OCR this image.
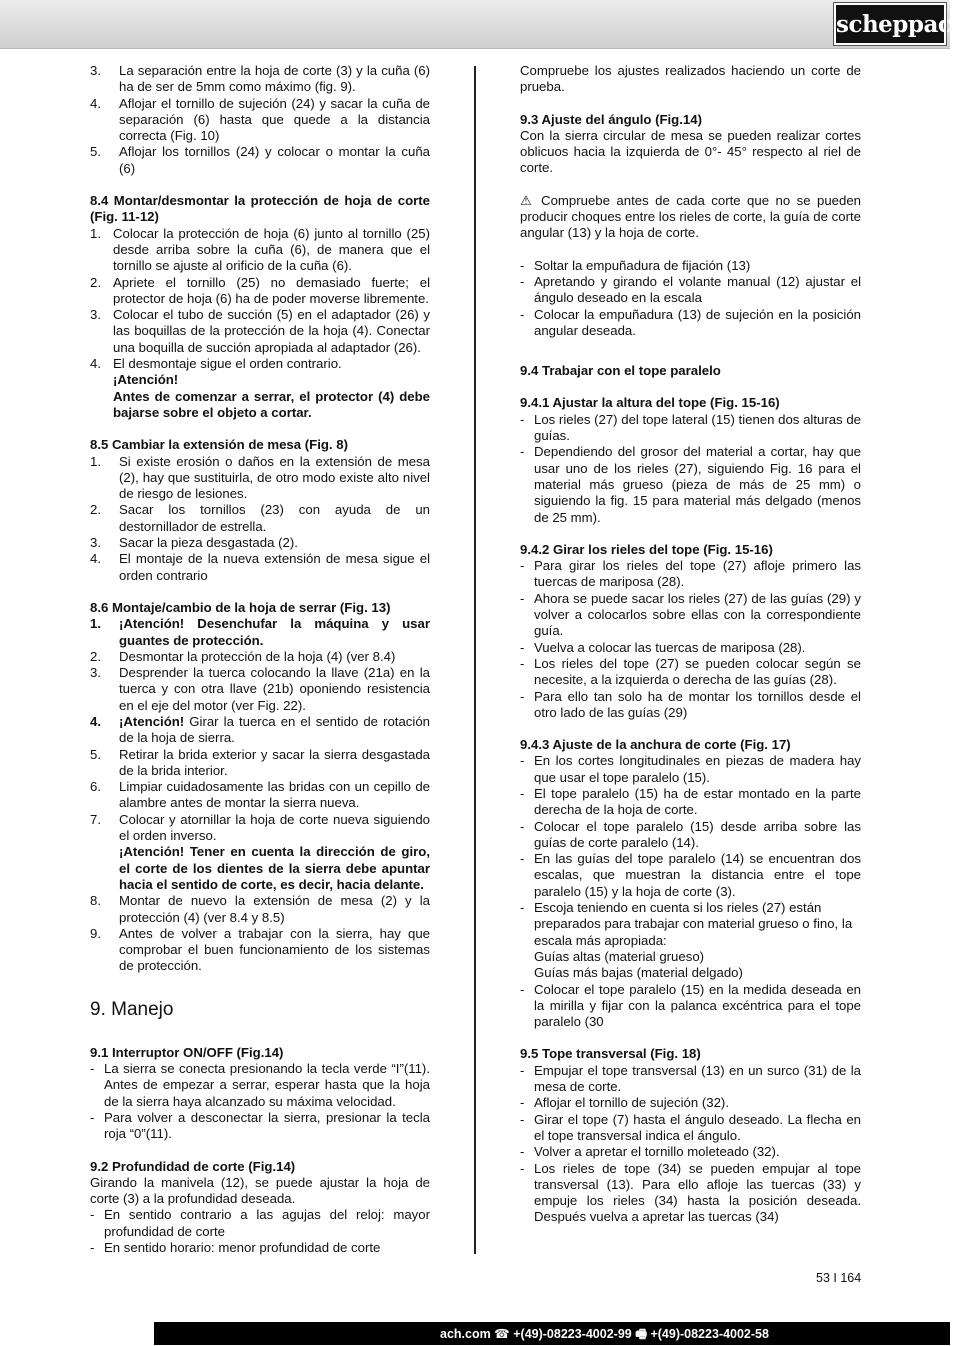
scheppach

3. La separación entre la hoja de corte (3) y la cuña (6) ha de ser de 5mm como máximo (fig. 9).

4. Aflojar el tornillo de sujeción (24) y sacar la cuña de separación (6) hasta que quede a la distancia correcta (Fig. 10)

5. Aflojar los tornillos (24) y colocar o montar la cuña (6)

8.4 Montar/desmontar la protección de hoja de corte (Fig. 11-12)

1. Colocar la protección de hoja (6) junto al tornillo (25) desde arriba sobre la cuña (6), de manera que el tornillo se ajuste al orificio de la cuña (6).

2. Apriete el tornillo (25) no demasiado fuerte; el protector de hoja (6) ha de poder moverse libremente.

3. Colocar el tubo de succión (5) en el adaptador (26) y las boquillas de la protección de la hoja (4). Conectar una boquilla de succión apropiada al adaptador (26).

4. El desmontaje sigue el orden contrario.

¡Atención!

Antes de comenzar a serrar, el protector (4) debe bajarse sobre el objeto a cortar.

8.5 Cambiar la extensión de mesa (Fig. 8)

1. Si existe erosión o daños en la extensión de mesa (2), hay que sustituirla, de otro modo existe alto nivel de riesgo de lesiones.

2. Sacar los tornillos (23) con ayuda de un destornillador de estrella.

3. Sacar la pieza desgastada (2).

4. El montaje de la nueva extensión de mesa sigue el orden contrario

8.6 Montaje/cambio de la hoja de serrar (Fig. 13)

1. ¡Atención! Desenchufar la máquina y usar guantes de protección.

2. Desmontar la protección de la hoja (4) (ver 8.4)

3. Desprender la tuerca colocando la llave (21a) en la tuerca y con otra llave (21b) oponiendo resistencia en el eje del motor (ver Fig. 22).

4. ¡Atención! Girar la tuerca en el sentido de rotación de la hoja de sierra.

5. Retirar la brida exterior y sacar la sierra desgastada de la brida interior.

6. Limpiar cuidadosamente las bridas con un cepillo de alambre antes de montar la sierra nueva.

7. Colocar y atornillar la hoja de corte nueva siguiendo el orden inverso.

¡Atención! Tener en cuenta la dirección de giro, el corte de los dientes de la sierra debe apuntar hacia el sentido de corte, es decir, hacia delante.

8. Montar de nuevo la extensión de mesa (2) y la protección (4) (ver 8.4 y 8.5)

9. Antes de volver a trabajar con la sierra, hay que comprobar el buen funcionamiento de los sistemas de protección.

9. Manejo

9.1 Interruptor ON/OFF (Fig.14)

- La sierra se conecta presionando la tecla verde “I”(11). Antes de empezar a serrar, esperar hasta que la hoja de la sierra haya alcanzado su máxima velocidad.

- Para volver a desconectar la sierra, presionar la tecla roja “0”(11).

9.2 Profundidad de corte (Fig.14)

Girando la manivela (12), se puede ajustar la hoja de corte (3) a la profundidad deseada.

- En sentido contrario a las agujas del reloj: mayor profundidad de corte

- En sentido horario: menor profundidad de corte

Compruebe los ajustes realizados haciendo un corte de prueba.

9.3 Ajuste del ángulo (Fig.14)

Con la sierra circular de mesa se pueden realizar cortes oblicuos hacia la izquierda de 0°- 45° respecto al riel de corte.

⚠ Compruebe antes de cada corte que no se pueden producir choques entre los rieles de corte, la guía de corte angular (13) y la hoja de corte.

- Soltar la empuñadura de fijación (13)

- Apretando y girando el volante manual (12) ajustar el ángulo deseado en la escala

- Colocar la empuñadura (13) de sujeción en la posición angular deseada.

9.4 Trabajar con el tope paralelo

9.4.1 Ajustar la altura del tope (Fig. 15-16)

- Los rieles (27) del tope lateral (15) tienen dos alturas de guías.

- Dependiendo del grosor del material a cortar, hay que usar uno de los rieles (27), siguiendo Fig. 16 para el material más grueso (pieza de más de 25 mm) o siguiendo la fig. 15 para material más delgado (menos de 25 mm).

9.4.2 Girar los rieles del tope (Fig. 15-16)

- Para girar los rieles del tope (27) afloje primero las tuercas de mariposa (28).

- Ahora se puede sacar los rieles (27) de las guías (29) y volver a colocarlos sobre ellas con la correspondiente guía.

- Vuelva a colocar las tuercas de mariposa (28).

- Los rieles del tope (27) se pueden colocar según se necesite, a la izquierda o derecha de las guías (28).

- Para ello tan solo ha de montar los tornillos desde el otro lado de las guías (29)

9.4.3 Ajuste de la anchura de corte (Fig. 17)

- En los cortes longitudinales en piezas de madera hay que usar el tope paralelo (15).

- El tope paralelo (15) ha de estar montado en la parte derecha de la hoja de corte.

- Colocar el tope paralelo (15) desde arriba sobre las guías de corte paralelo (14).

- En las guías del tope paralelo (14) se encuentran dos escalas, que muestran la distancia entre el tope paralelo (15) y la hoja de corte (3).

- Escoja teniendo en cuenta si los rieles (27) están preparados para trabajar con material grueso o fino, la escala más apropiada:

Guías altas (material grueso)

Guías más bajas (material delgado)

- Colocar el tope paralelo (15) en la medida deseada en la mirilla y fijar con la palanca excéntrica para el tope paralelo (30

9.5 Tope transversal (Fig. 18)

- Empujar el tope transversal (13) en un surco (31) de la mesa de corte.

- Aflojar el tornillo de sujeción (32).

- Girar el tope (7) hasta el ángulo deseado. La flecha en el tope transversal indica el ángulo.

- Volver a apretar el tornillo moleteado (32).

- Los rieles de tope (34) se pueden empujar al tope transversal (13). Para ello afloje las tuercas (33) y empuje los rieles (34) hasta la posición deseada. Después vuelva a apretar las tuercas (34)

53 I 164
ach.com ☎ +(49)-08223-4002-99 🖷 +(49)-08223-4002-58
